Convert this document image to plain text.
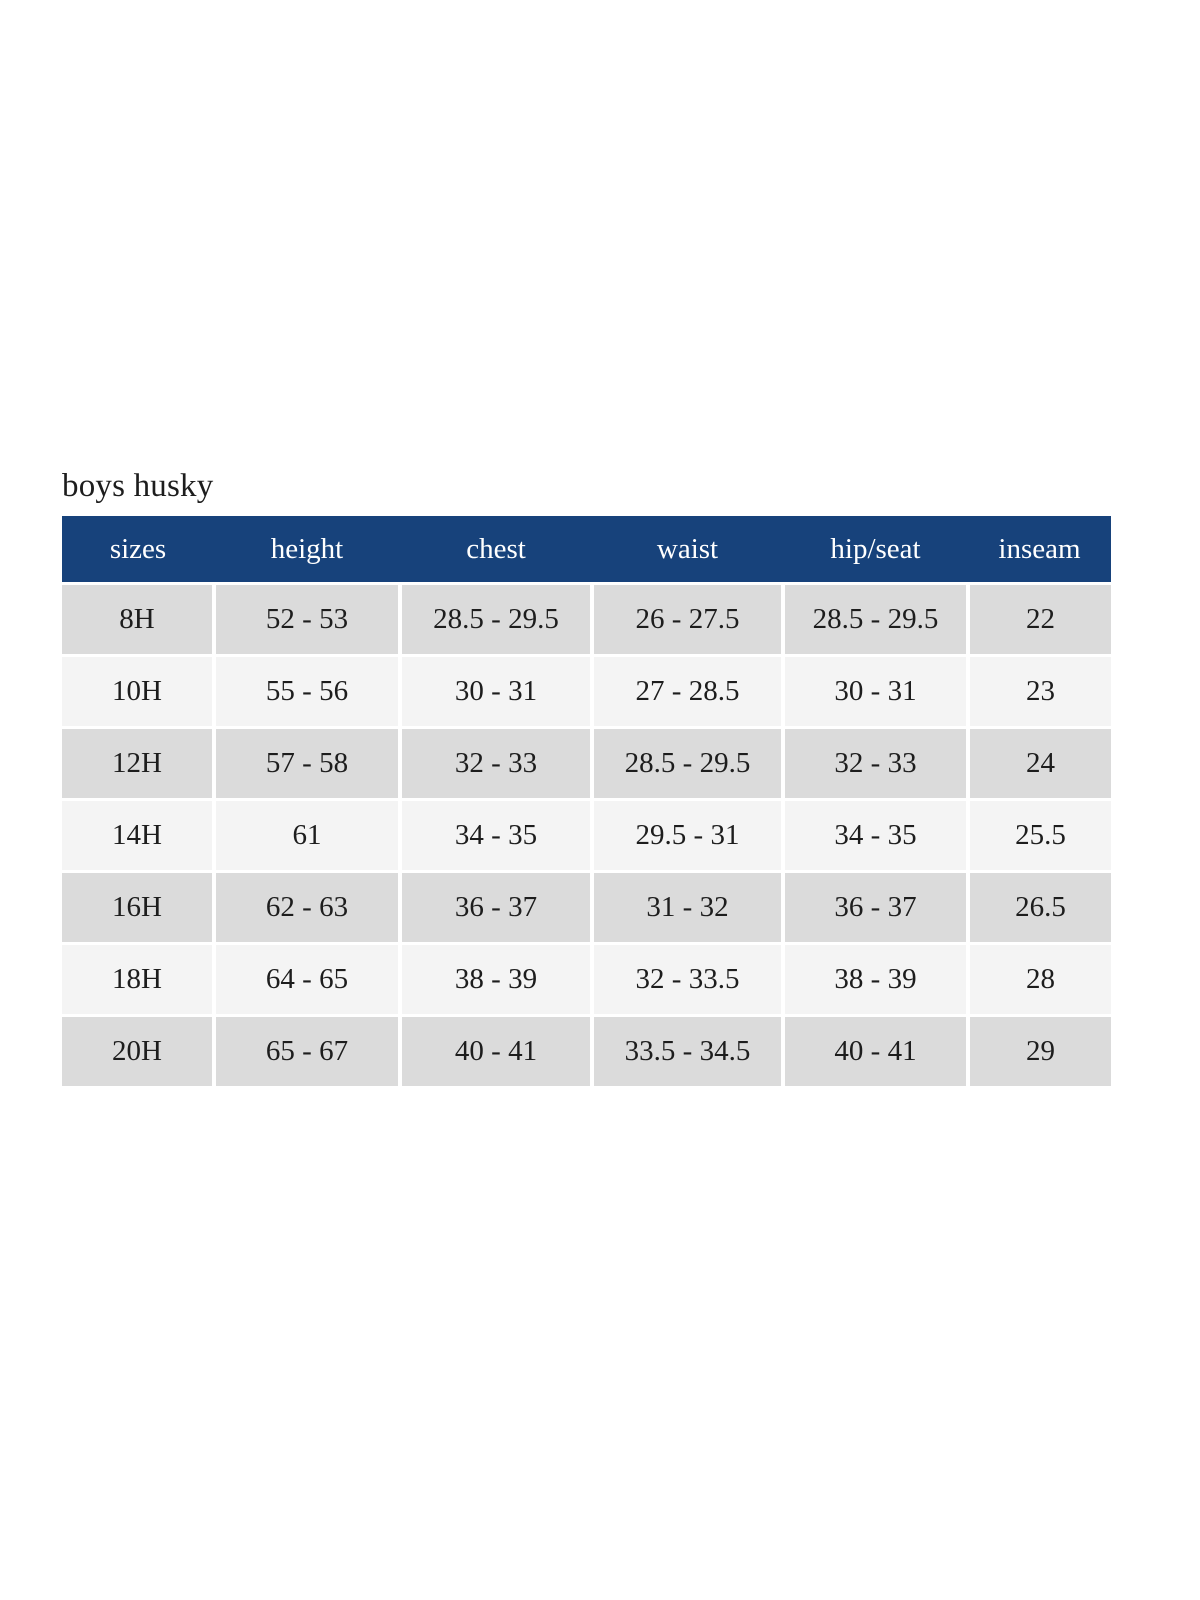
boys husky
sizes	height	chest	waist	hip/seat	inseam
8H	52 - 53	28.5 - 29.5	26 - 27.5	28.5 - 29.5	22
10H	55 - 56	30 - 31	27 - 28.5	30 - 31	23
12H	57 - 58	32 - 33	28.5 - 29.5	32 - 33	24
14H	61	34 - 35	29.5 - 31	34 - 35	25.5
16H	62 - 63	36 - 37	31 - 32	36 - 37	26.5
18H	64 - 65	38 - 39	32 - 33.5	38 - 39	28
20H	65 - 67	40 - 41	33.5 - 34.5	40 - 41	29
